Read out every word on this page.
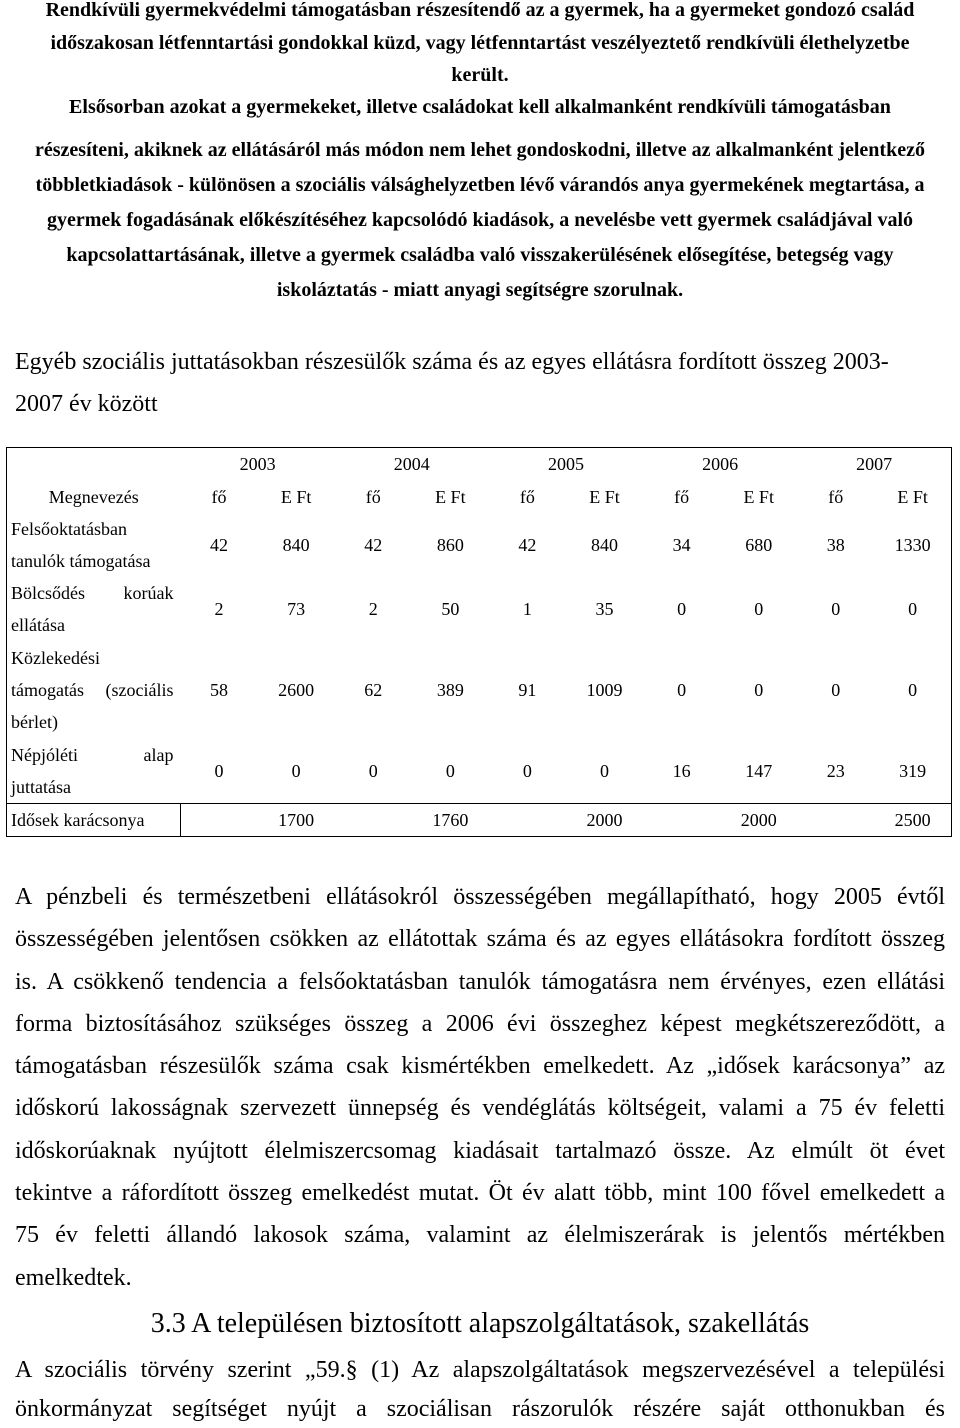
Rendkívüli gyermekvédelmi támogatásban részesítendő az a gyermek, ha a gyermeket gondozó család
időszakosan létfenntartási gondokkal küzd, vagy létfenntartást veszélyeztető rendkívüli élethelyzetbe
került.
Elsősorban azokat a gyermekeket, illetve családokat kell alkalmanként rendkívüli támogatásban
részesíteni, akiknek az ellátásáról más módon nem lehet gondoskodni, illetve az alkalmanként jelentkező
többletkiadások - különösen a szociális válsághelyzetben lévő várandós anya gyermekének megtartása, a
gyermek fogadásának előkészítéséhez kapcsolódó kiadások, a nevelésbe vett gyermek családjával való
kapcsolattartásának, illetve a gyermek családba való visszakerülésének elősegítése, betegség vagy
iskoláztatás - miatt anyagi segítségre szorulnak.
Egyéb szociális juttatásokban részesülők száma és az egyes ellátásra fordított összeg 2003-
2007 év között
	2003		2004		2005		2006		2007	
Megnevezés	fő	E Ft	fő	E Ft	fő	E Ft	fő	E Ft	fő	E Ft

Felsőoktatásban
tanulók támogatása	42	840	42	860	42	840	34	680	38	1330

Bölcsődés korúak
ellátása	2	73	2	50	1	35	0	0	0	0

Közlekedési
támogatás (szociális
bérlet)	58	2600	62	389	91	1009	0	0	0	0

Népjóléti alap
juttatása	0	0	0	0	0	0	16	147	23	319

Idősek karácsonya		1700		1760		2000		2000		2500
A pénzbeli és természetbeni ellátásokról összességében megállapítható, hogy 2005 évtől
összességében jelentősen csökken az ellátottak száma és az egyes ellátásokra fordított összeg
is. A csökkenő tendencia a felsőoktatásban tanulók támogatásra nem érvényes, ezen ellátási
forma biztosításához szükséges összeg a 2006 évi összeghez képest megkétszereződött, a
támogatásban részesülők száma csak kismértékben emelkedett. Az „idősek karácsonya” az
időskorú lakosságnak szervezett ünnepség és vendéglátás költségeit, valami a 75 év feletti
időskorúaknak nyújtott élelmiszercsomag kiadásait tartalmazó össze. Az elmúlt öt évet
tekintve a ráfordított összeg emelkedést mutat. Öt év alatt több, mint 100 fővel emelkedett a
75 év feletti állandó lakosok száma, valamint az élelmiszerárak is jelentős mértékben
emelkedtek.
3.3 A településen biztosított alapszolgáltatások, szakellátás
A szociális törvény szerint „59.§ (1) Az alapszolgáltatások megszervezésével a települési
önkormányzat segítséget nyújt a szociálisan rászorulók részére saját otthonukban és
